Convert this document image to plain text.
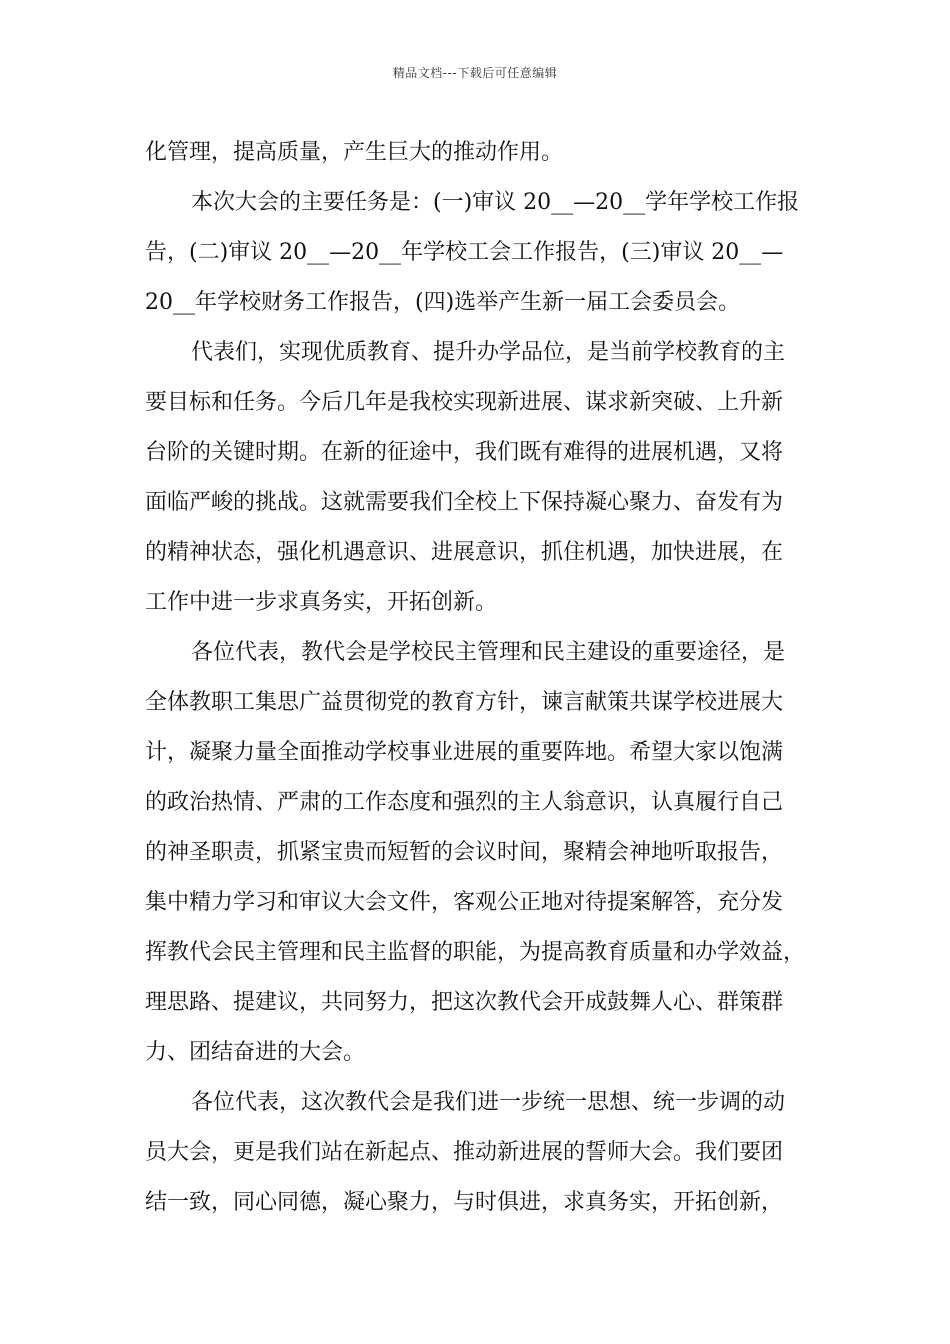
精品文档---下载后可任意编辑
化管理，提高质量，产生巨大的推动作用。
本次大会的主要任务是：(一)审议 20__—20__学年学校工作报
告，(二)审议 20__—20__年学校工会工作报告，(三)审议 20__—
20__年学校财务工作报告，(四)选举产生新一届工会委员会。
代表们，实现优质教育、提升办学品位，是当前学校教育的主
要目标和任务。今后几年是我校实现新进展、谋求新突破、上升新
台阶的关键时期。在新的征途中，我们既有难得的进展机遇，又将
面临严峻的挑战。这就需要我们全校上下保持凝心聚力、奋发有为
的精神状态，强化机遇意识、进展意识，抓住机遇，加快进展，在
工作中进一步求真务实，开拓创新。
各位代表，教代会是学校民主管理和民主建设的重要途径，是
全体教职工集思广益贯彻党的教育方针，谏言献策共谋学校进展大
计，凝聚力量全面推动学校事业进展的重要阵地。希望大家以饱满
的政治热情、严肃的工作态度和强烈的主人翁意识，认真履行自己
的神圣职责，抓紧宝贵而短暂的会议时间，聚精会神地听取报告，
集中精力学习和审议大会文件，客观公正地对待提案解答，充分发
挥教代会民主管理和民主监督的职能，为提高教育质量和办学效益，
理思路、提建议，共同努力，把这次教代会开成鼓舞人心、群策群
力、团结奋进的大会。
各位代表，这次教代会是我们进一步统一思想、统一步调的动
员大会，更是我们站在新起点、推动新进展的誓师大会。我们要团
结一致，同心同德，凝心聚力，与时俱进，求真务实，开拓创新，
